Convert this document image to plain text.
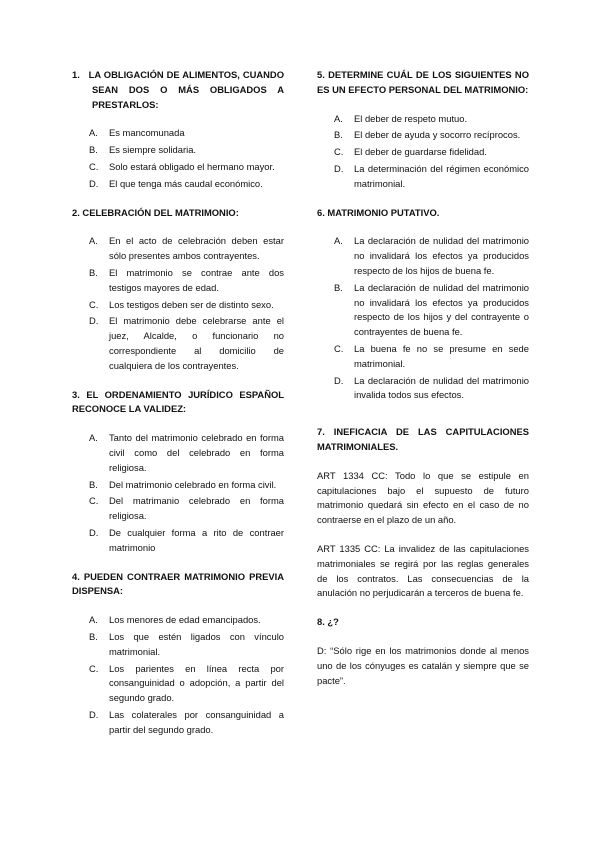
1.   LA OBLIGACIÓN DE ALIMENTOS, CUANDO SEAN DOS O MÁS OBLIGADOS A PRESTARLOS:
A.	Es mancomunada
B.	Es siempre solidaria.
C.	Solo estará obligado el hermano mayor.
D.	El que tenga más caudal económico.
2. CELEBRACIÓN DEL MATRIMONIO:
A.	En el acto de celebración deben estar sólo presentes ambos contrayentes.
B.	El matrimonio se contrae ante dos testigos mayores de edad.
C.	Los testigos deben ser de distinto sexo.
D.	El matrimonio debe celebrarse ante el juez, Alcalde, o funcionario no correspondiente al domicilio de cualquiera de los contrayentes.
3. EL ORDENAMIENTO JURÍDICO ESPAÑOL RECONOCE LA VALIDEZ:
A.	Tanto del matrimonio celebrado en forma civil como del celebrado en forma religiosa.
B.	Del matrimonio celebrado en forma civil.
C.	Del matrimanio celebrado en forma religiosa.
D.	De cualquier forma a rito de contraer matrimonio
4. PUEDEN CONTRAER MATRIMONIO PREVIA DISPENSA:
A.	Los menores de edad emancipados.
B.	Los que estén ligados con vínculo matrimonial.
C.	Los parientes en línea recta por consanguinidad o adopción, a partir del segundo grado.
D.	Las colaterales por consanguinidad a partir del segundo grado.
5. DETERMINE CUÁL DE LOS SIGUIENTES NO ES UN EFECTO PERSONAL DEL MATRIMONIO:
A.	El deber de respeto mutuo.
B.	El deber de ayuda y socorro recíprocos.
C.	El deber de guardarse fidelidad.
D.	La determinación del régimen económico matrimonial.
6. MATRIMONIO PUTATIVO.
A.	La declaración de nulidad del matrimonio no invalidará los efectos ya producidos respecto de los hijos de buena fe.
B.	La declaración de nulidad del matrimonio no invalidará los efectos ya producidos respecto de los hijos y del contrayente o contrayentes de buena fe.
C.	La buena fe no se presume en sede matrimonial.
D.	La declaración de nulidad del matrimonio invalida todos sus efectos.
7. INEFICACIA DE LAS CAPITULACIONES MATRIMONIALES.
ART 1334 CC: Todo lo que se estipule en capitulaciones bajo el supuesto de futuro matrimonio quedará sin efecto en el caso de no contraerse en el plazo de un año.
ART 1335 CC: La invalidez de las capitulaciones matrimoniales se regirá por las reglas generales de los contratos. Las consecuencias de la anulación no perjudicarán a terceros de buena fe.
8. ¿?
D: “Sólo rige en los matrimonios donde al menos uno de los cónyuges es catalán y siempre que se pacte”.
